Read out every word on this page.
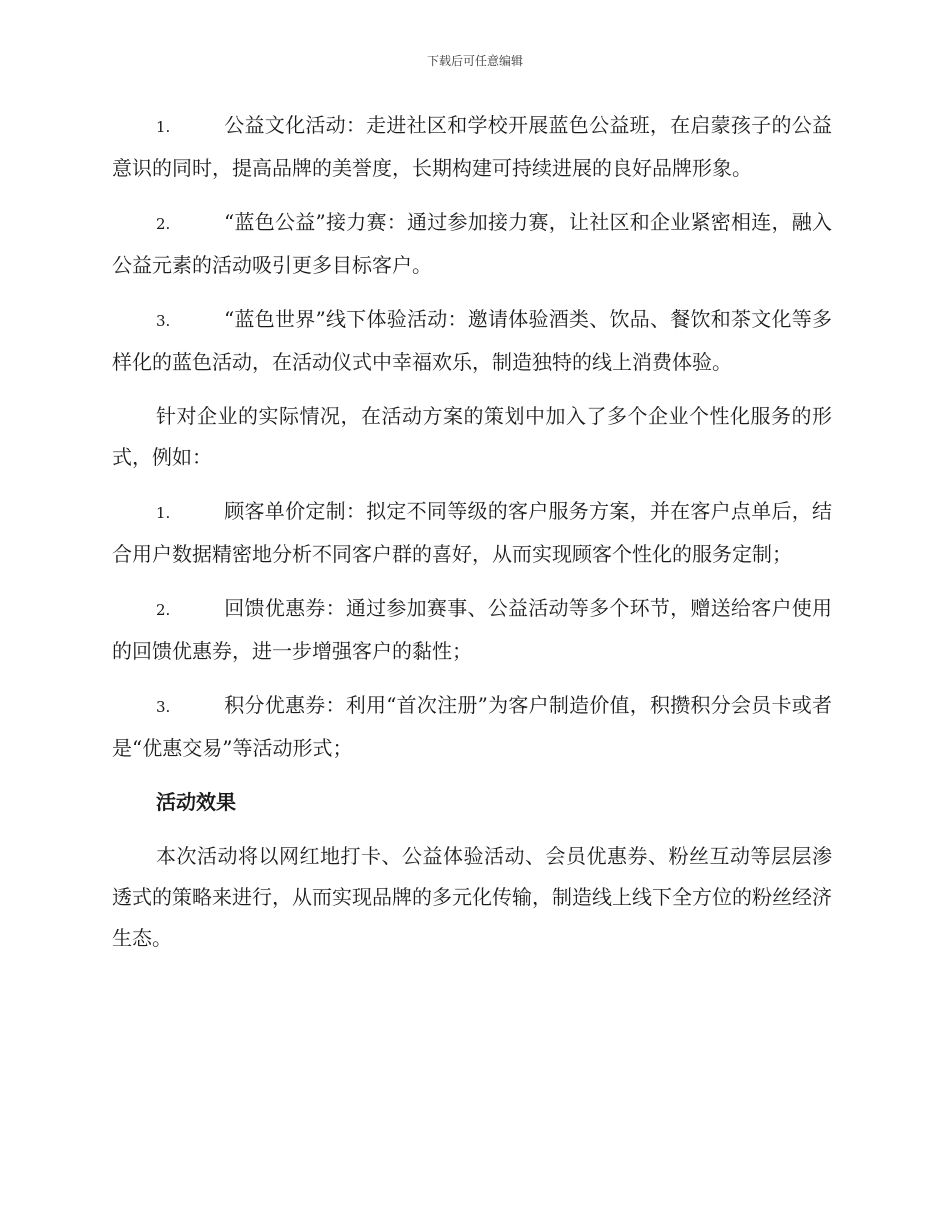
下载后可任意编辑

1.	公益文化活动：走进社区和学校开展蓝色公益班，在启蒙孩子的公益意识的同时，提高品牌的美誉度，长期构建可持续进展的良好品牌形象。

2.	“蓝色公益”接力赛：通过参加接力赛，让社区和企业紧密相连，融入公益元素的活动吸引更多目标客户。

3.	“蓝色世界”线下体验活动：邀请体验酒类、饮品、餐饮和茶文化等多样化的蓝色活动，在活动仪式中幸福欢乐，制造独特的线上消费体验。

针对企业的实际情况，在活动方案的策划中加入了多个企业个性化服务的形式，例如：

1.	顾客单价定制：拟定不同等级的客户服务方案，并在客户点单后，结合用户数据精密地分析不同客户群的喜好，从而实现顾客个性化的服务定制；

2.	回馈优惠券：通过参加赛事、公益活动等多个环节，赠送给客户使用的回馈优惠券，进一步增强客户的黏性；

3.	积分优惠券：利用“首次注册”为客户制造价值，积攒积分会员卡或者是“优惠交易”等活动形式；

活动效果

本次活动将以网红地打卡、公益体验活动、会员优惠券、粉丝互动等层层渗透式的策略来进行，从而实现品牌的多元化传输，制造线上线下全方位的粉丝经济生态。
